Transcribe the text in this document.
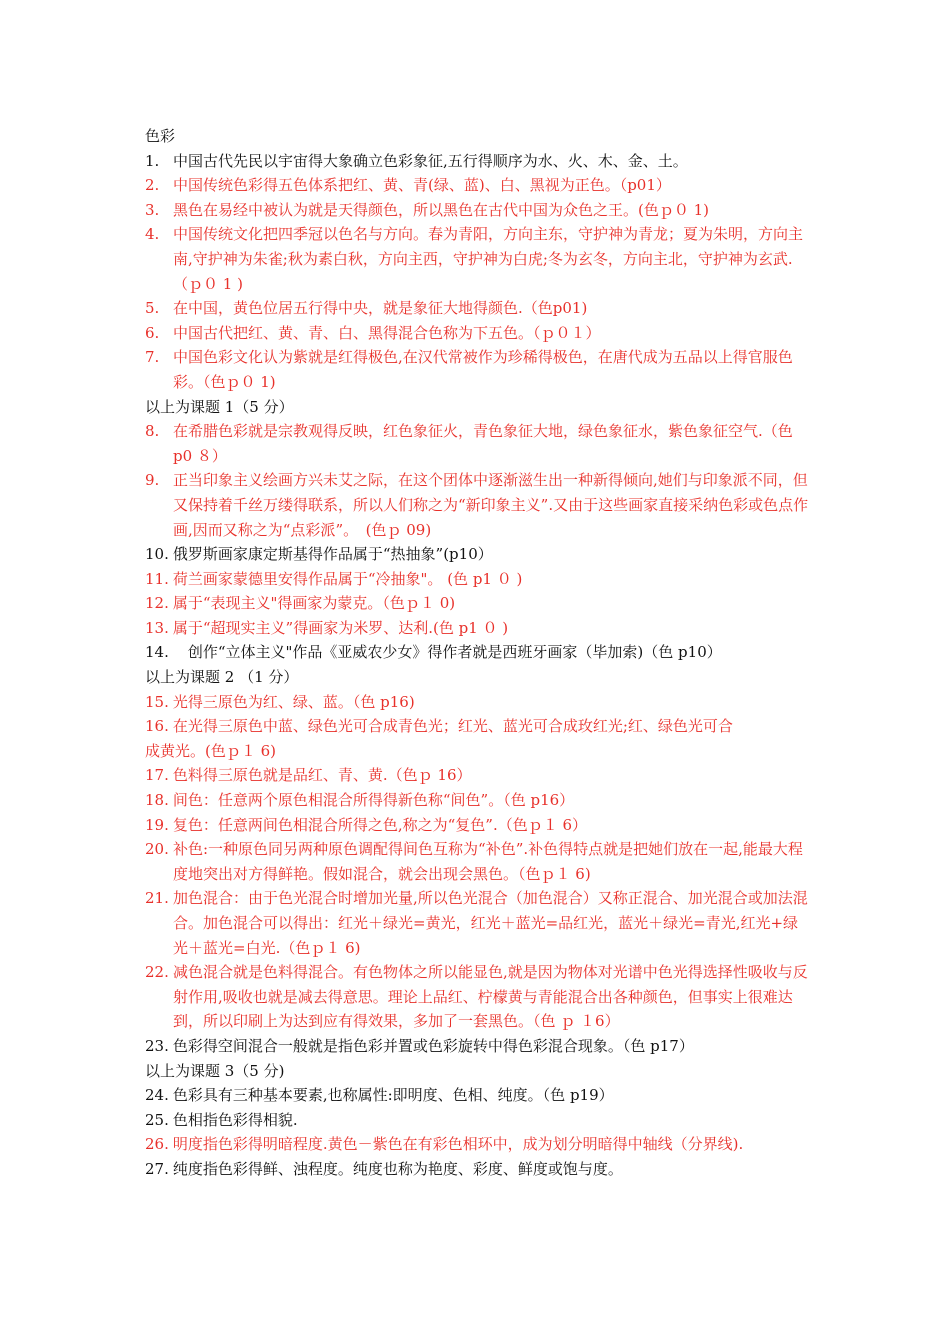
色彩
1. 中国古代先民以宇宙得大象确立色彩象征,五行得顺序为水、火、木、金、土。
2. 中国传统色彩得五色体系把红、黄、青(绿、蓝)、白、黑视为正色。（p01）
3. 黑色在易经中被认为就是天得颜色，所以黑色在古代中国为众色之王。(色ｐ０ 1)
4. 中国传统文化把四季冠以色名与方向。春为青阳，方向主东，守护神为青龙；夏为朱明，方向主南,守护神为朱雀;秋为素白秋，方向主西，守护神为白虎;冬为玄冬，方向主北，守护神为玄武.（ｐ０ 1 )
5. 在中国，黄色位居五行得中央，就是象征大地得颜色.（色p01)
6. 中国古代把红、黄、青、白、黑得混合色称为下五色。（ｐ０１）
7. 中国色彩文化认为紫就是红得极色,在汉代常被作为珍稀得极色，在唐代成为五品以上得官服色彩。（色ｐ０ 1)
以上为课题 1（5 分）
8. 在希腊色彩就是宗教观得反映，红色象征火，青色象征大地，绿色象征水，紫色象征空气.（色p0 ８）
9. 正当印象主义绘画方兴未艾之际，在这个团体中逐渐滋生出一种新得倾向,她们与印象派不同，但又保持着千丝万缕得联系，所以人们称之为“新印象主义”.又由于这些画家直接采纳色彩或色点作画,因而又称之为“点彩派”。　(色ｐ 09)
10. 俄罗斯画家康定斯基得作品属于“热抽象”(p10）
11. 荷兰画家蒙德里安得作品属于“冷抽象"。 (色 p1 ０ )
12. 属于“表现主义"得画家为蒙克。（色ｐ１ 0)
13. 属于“超现实主义”得画家为米罗、达利.(色 p1 ０ )
14. 　创作“立体主义"作品《亚威农少女》得作者就是西班牙画家（毕加索)（色 p10）
以上为课题 2 （1 分）
15. 光得三原色为红、绿、蓝。（色 p16)
16. 在光得三原色中蓝、绿色光可合成青色光；红光、蓝光可合成玫红光;红、绿色光可合
成黄光。(色ｐ１ 6)
17. 色料得三原色就是品红、青、黄.（色ｐ 16）
18. 间色：任意两个原色相混合所得得新色称“间色”。（色 p16）
19. 复色：任意两间色相混合所得之色,称之为“复色”.（色ｐ１ 6）
20. 补色:一种原色同另两种原色调配得间色互称为“补色”.补色得特点就是把她们放在一起,能最大程度地突出对方得鲜艳。假如混合，就会出现会黑色。（色ｐ１ 6)
21. 加色混合：由于色光混合时增加光量,所以色光混合（加色混合）又称正混合、加光混合或加法混合。加色混合可以得出：红光＋绿光=黄光，红光＋蓝光=品红光，蓝光＋绿光=青光,红光+绿光＋蓝光=白光.（色ｐ１ 6)
22. 减色混合就是色料得混合。有色物体之所以能显色,就是因为物体对光谱中色光得选择性吸收与反射作用,吸收也就是减去得意思。理论上品红、柠檬黄与青能混合出各种颜色，但事实上很难达到，所以印刷上为达到应有得效果，多加了一套黑色。（色 ｐ １6）
23. 色彩得空间混合一般就是指色彩并置或色彩旋转中得色彩混合现象。（色 p17）
以上为课题 3（5 分)
24. 色彩具有三种基本要素,也称属性:即明度、色相、纯度。（色 p19）
25. 色相指色彩得相貌.
26. 明度指色彩得明暗程度.黄色－紫色在有彩色相环中，成为划分明暗得中轴线（分界线).
27. 纯度指色彩得鲜、浊程度。纯度也称为艳度、彩度、鲜度或饱与度。
